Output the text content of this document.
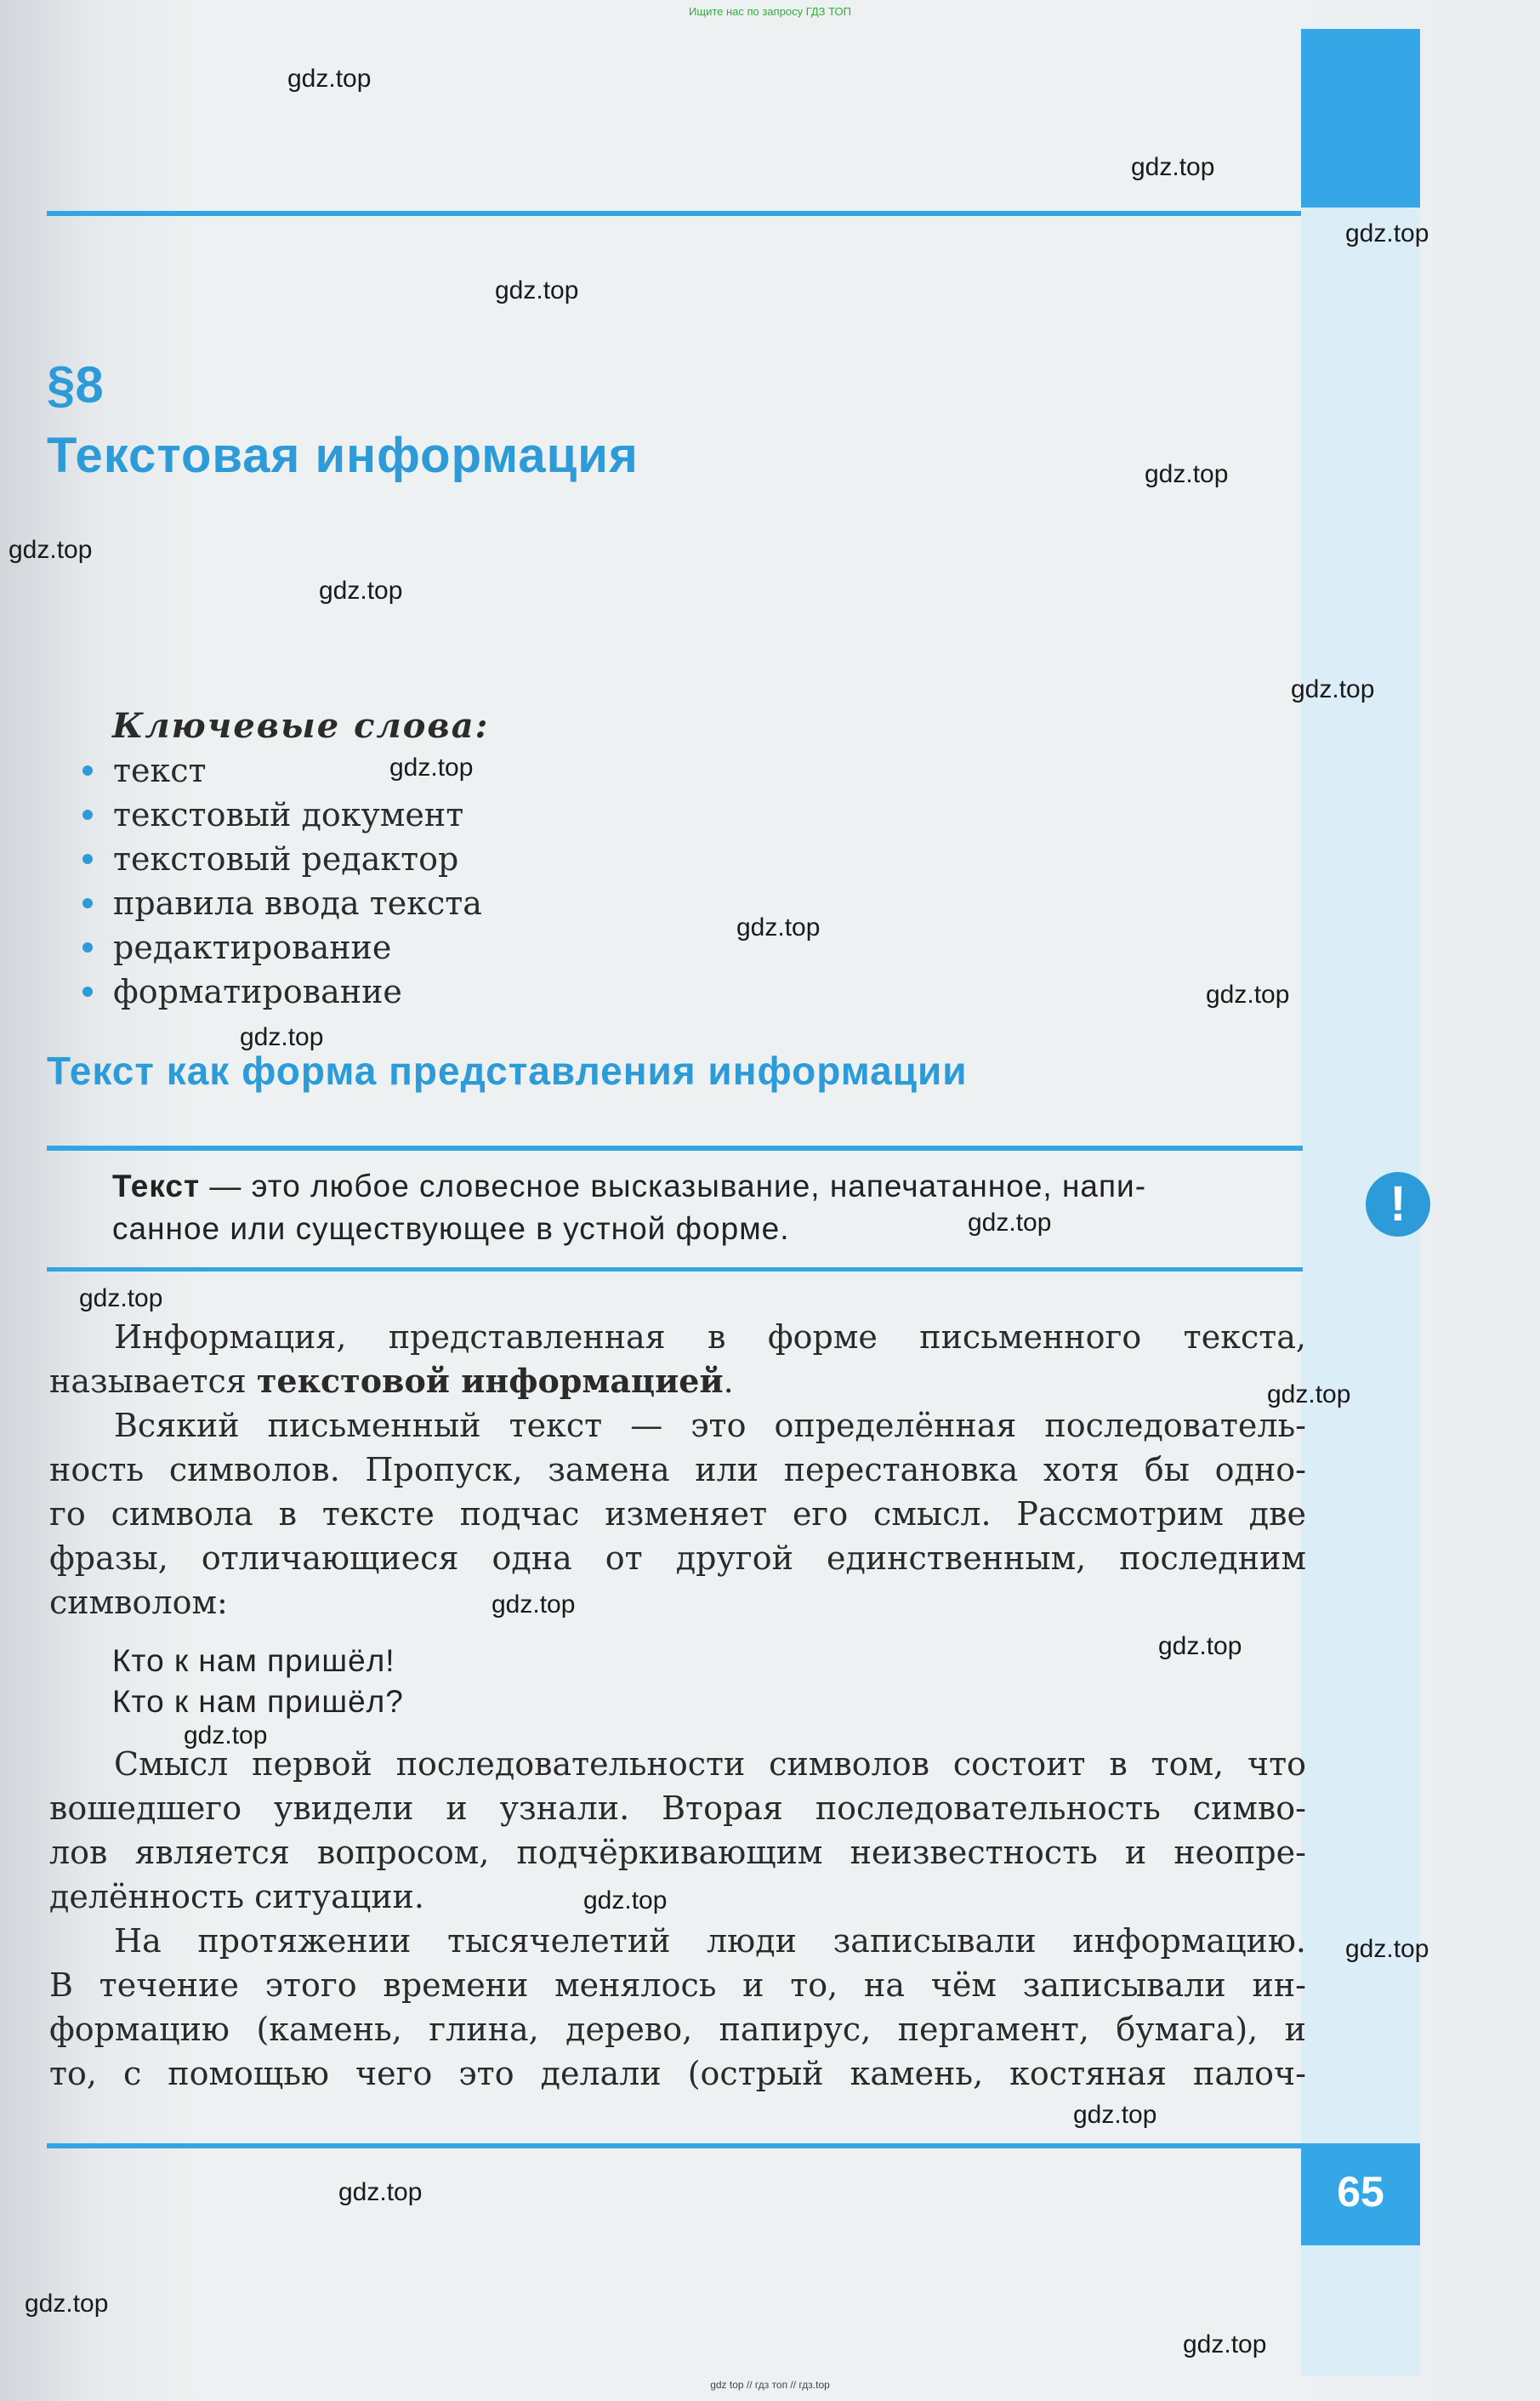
Ищите нас по запросу ГДЗ ТОП
65
§8
Текстовая информация
Ключевые слова:
текст
текстовый документ
текстовый редактор
правила ввода текста
редактирование
форматирование
Текст как форма представления информации
Текст — это любое словесное высказывание, напечатанное, напи-
санное или существующее в устной форме.	!
Информация, представленная в форме письменного текста,
называется текстовой информацией.
Всякий письменный текст — это определённая последователь-
ность символов. Пропуск, замена или перестановка хотя бы одно-
го символа в тексте подчас изменяет его смысл. Рассмотрим две
фразы, отличающиеся одна от другой единственным, последним
символом:
Кто к нам пришёл!
Кто к нам пришёл?
Смысл первой последовательности символов состоит в том, что
вошедшего увидели и узнали. Вторая последовательность симво-
лов является вопросом, подчёркивающим неизвестность и неопре-
делённость ситуации.
На протяжении тысячелетий люди записывали информацию.
В течение этого времени менялось и то, на чём записывали ин-
формацию (камень, глина, дерево, папирус, пергамент, бумага), и
то, с помощью чего это делали (острый камень, костяная палоч-
gdz.top
gdz.top
gdz.top
gdz.top
gdz.top
gdz.top
gdz.top
gdz.top
gdz.top
gdz.top
gdz.top
gdz.top
gdz.top
gdz.top
gdz.top
gdz.top
gdz.top
gdz.top
gdz.top
gdz.top
gdz.top
gdz.top
gdz.top
gdz.top
gdz top // гдз топ // гдз.top
